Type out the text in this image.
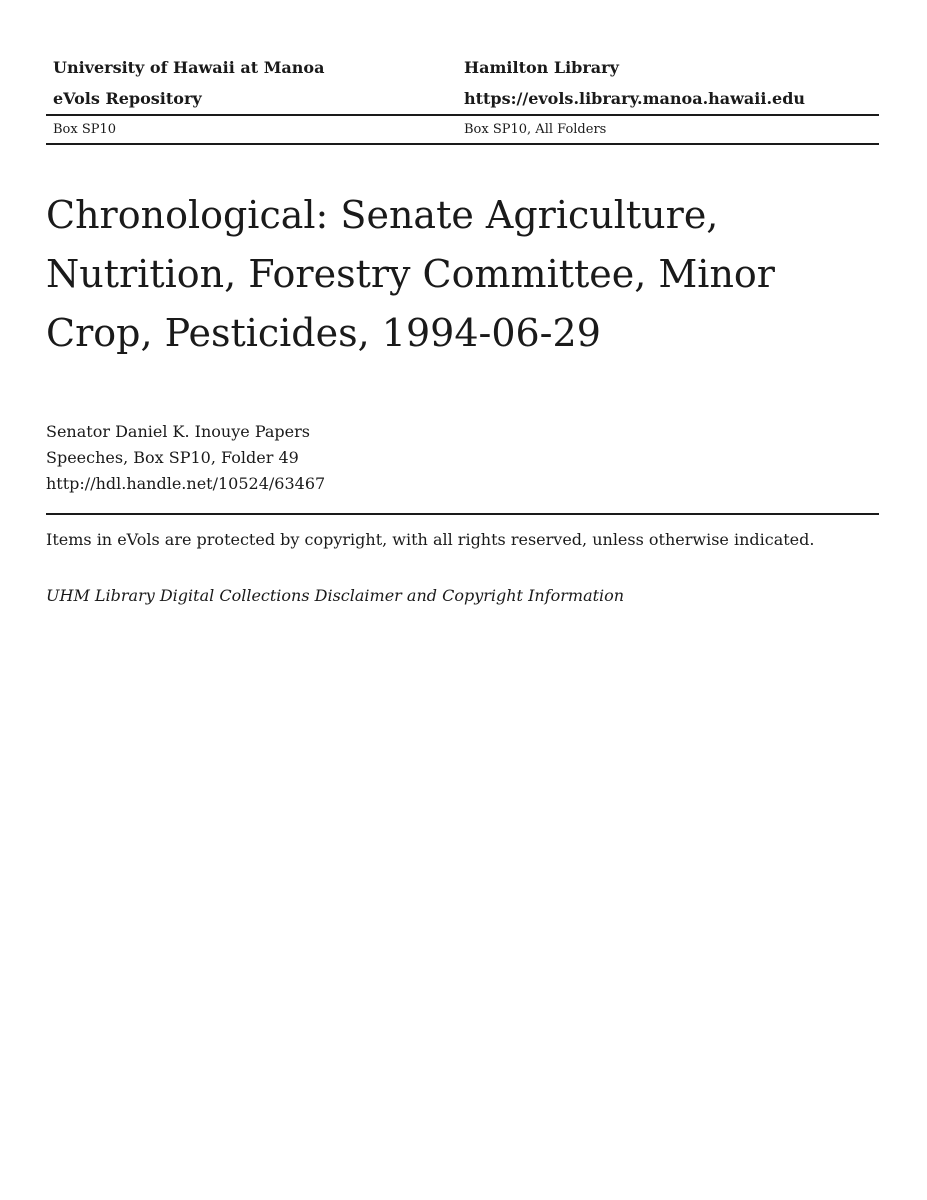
University of Hawaii at Manoa	Hamilton Library
eVols Repository	https://evols.library.manoa.hawaii.edu
Box SP10	Box SP10, All Folders
Chronological: Senate Agriculture, Nutrition, Forestry Committee, Minor Crop, Pesticides, 1994-06-29
Senator Daniel K. Inouye Papers
Speeches, Box SP10, Folder 49
http://hdl.handle.net/10524/63467
Items in eVols are protected by copyright, with all rights reserved, unless otherwise indicated.
UHM Library Digital Collections Disclaimer and Copyright Information
